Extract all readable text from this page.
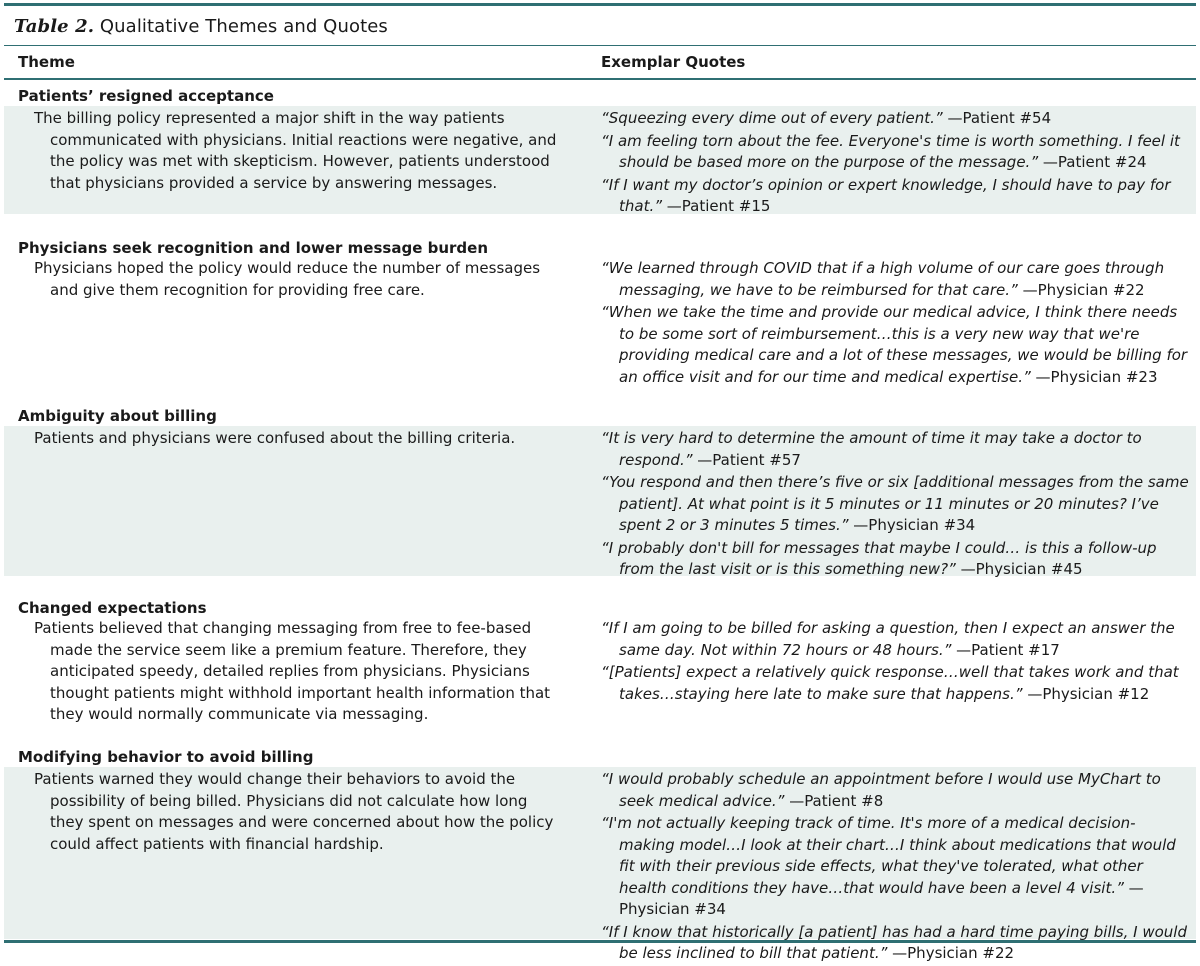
Table 2. Qualitative Themes and Quotes
Theme	Exemplar Quotes
Patients’ resigned acceptance

The billing policy represented a major shift in the way patients communicated with physicians. Initial reactions were negative, and the policy was met with skepticism. However, patients understood that physicians provided a service by answering messages.

“Squeezing every dime out of every patient.” —Patient #54

“I am feeling torn about the fee. Everyone's time is worth something. I feel it should be based more on the purpose of the message.” —Patient #24

“If I want my doctor’s opinion or expert knowledge, I should have to pay for that.” —Patient #15

Physicians seek recognition and lower message burden

Physicians hoped the policy would reduce the number of messages and give them recognition for providing free care.

“We learned through COVID that if a high volume of our care goes through messaging, we have to be reimbursed for that care.” —Physician #22

“When we take the time and provide our medical advice, I think there needs to be some sort of reimbursement…this is a very new way that we're providing medical care and a lot of these messages, we would be billing for an office visit and for our time and medical expertise.” —Physician #23

Ambiguity about billing

Patients and physicians were confused about the billing criteria.	“It is very hard to determine the amount of time it may take a doctor to respond.” —Patient #57

“You respond and then there’s five or six [additional messages from the same patient]. At what point is it 5 minutes or 11 minutes or 20 minutes? I’ve spent 2 or 3 minutes 5 times.” —Physician #34

“I probably don't bill for messages that maybe I could… is this a follow-up from the last visit or is this something new?” —Physician #45

Changed expectations

Patients believed that changing messaging from free to fee-based made the service seem like a premium feature. Therefore, they anticipated speedy, detailed replies from physicians. Physicians thought patients might withhold important health information that they would normally communicate via messaging.

“If I am going to be billed for asking a question, then I expect an answer the same day. Not within 72 hours or 48 hours.” —Patient #17

“[Patients] expect a relatively quick response…well that takes work and that takes…staying here late to make sure that happens.” —Physician #12

Modifying behavior to avoid billing

Patients warned they would change their behaviors to avoid the possibility of being billed. Physicians did not calculate how long they spent on messages and were concerned about how the policy could affect patients with financial hardship.

“I would probably schedule an appointment before I would use MyChart to seek medical advice.” —Patient #8

“I'm not actually keeping track of time. It's more of a medical decision-making model…I look at their chart…I think about medications that would fit with their previous side effects, what they've tolerated, what other health conditions they have…that would have been a level 4 visit.” —Physician #34

“If I know that historically [a patient] has had a hard time paying bills, I would be less inclined to bill that patient.” —Physician #22
